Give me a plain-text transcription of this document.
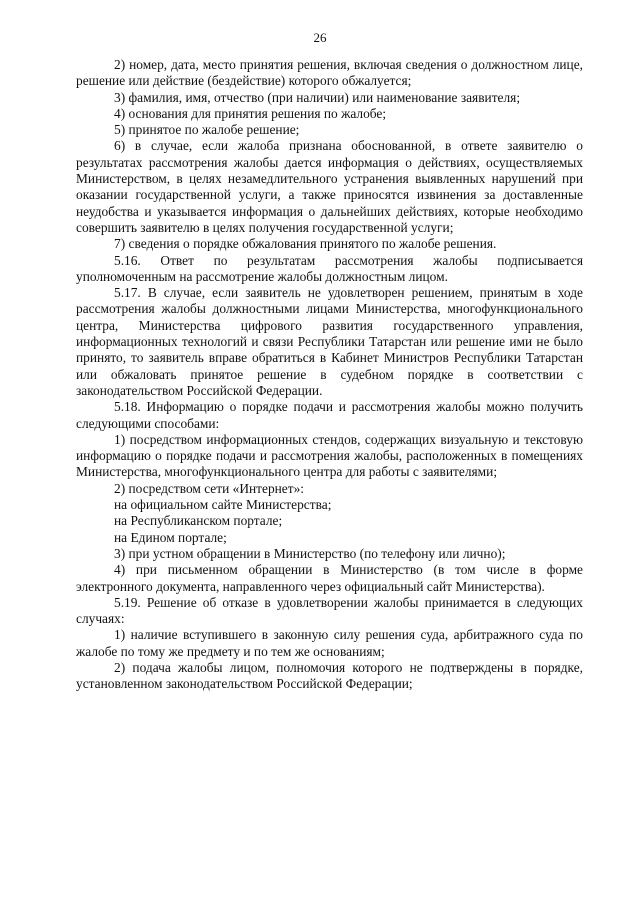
26

2) номер, дата, место принятия решения, включая сведения о должностном лице, решение или действие (бездействие) которого обжалуется;

3) фамилия, имя, отчество (при наличии) или наименование заявителя;

4) основания для принятия решения по жалобе;

5) принятое по жалобе решение;

6) в случае, если жалоба признана обоснованной, в ответе заявителю о результатах рассмотрения жалобы дается информация о действиях, осуществляемых Министерством, в целях незамедлительного устранения выявленных нарушений при оказании государственной услуги, а также приносятся извинения за доставленные неудобства и указывается информация о дальнейших действиях, которые необходимо совершить заявителю в целях получения государственной услуги;

7) сведения о порядке обжалования принятого по жалобе решения.

5.16. Ответ по результатам рассмотрения жалобы подписывается уполномоченным на рассмотрение жалобы должностным лицом.

5.17. В случае, если заявитель не удовлетворен решением, принятым в ходе рассмотрения жалобы должностными лицами Министерства, многофункционального центра, Министерства цифрового развития государственного управления, информационных технологий и связи Республики Татарстан или решение ими не было принято, то заявитель вправе обратиться в Кабинет Министров Республики Татарстан или обжаловать принятое решение в судебном порядке в соответствии с законодательством Российской Федерации.

5.18. Информацию о порядке подачи и рассмотрения жалобы можно получить следующими способами:

1) посредством информационных стендов, содержащих визуальную и текстовую информацию о порядке подачи и рассмотрения жалобы, расположенных в помещениях Министерства, многофункционального центра для работы с заявителями;

2) посредством сети «Интернет»:

на официальном сайте Министерства;

на Республиканском портале;

на Едином портале;

3) при устном обращении в Министерство (по телефону или лично);

4) при письменном обращении в Министерство (в том числе в форме электронного документа, направленного через официальный сайт Министерства).

5.19. Решение об отказе в удовлетворении жалобы принимается в следующих случаях:

1) наличие вступившего в законную силу решения суда, арбитражного суда по жалобе по тому же предмету и по тем же основаниям;

2) подача жалобы лицом, полномочия которого не подтверждены в порядке, установленном законодательством Российской Федерации;
